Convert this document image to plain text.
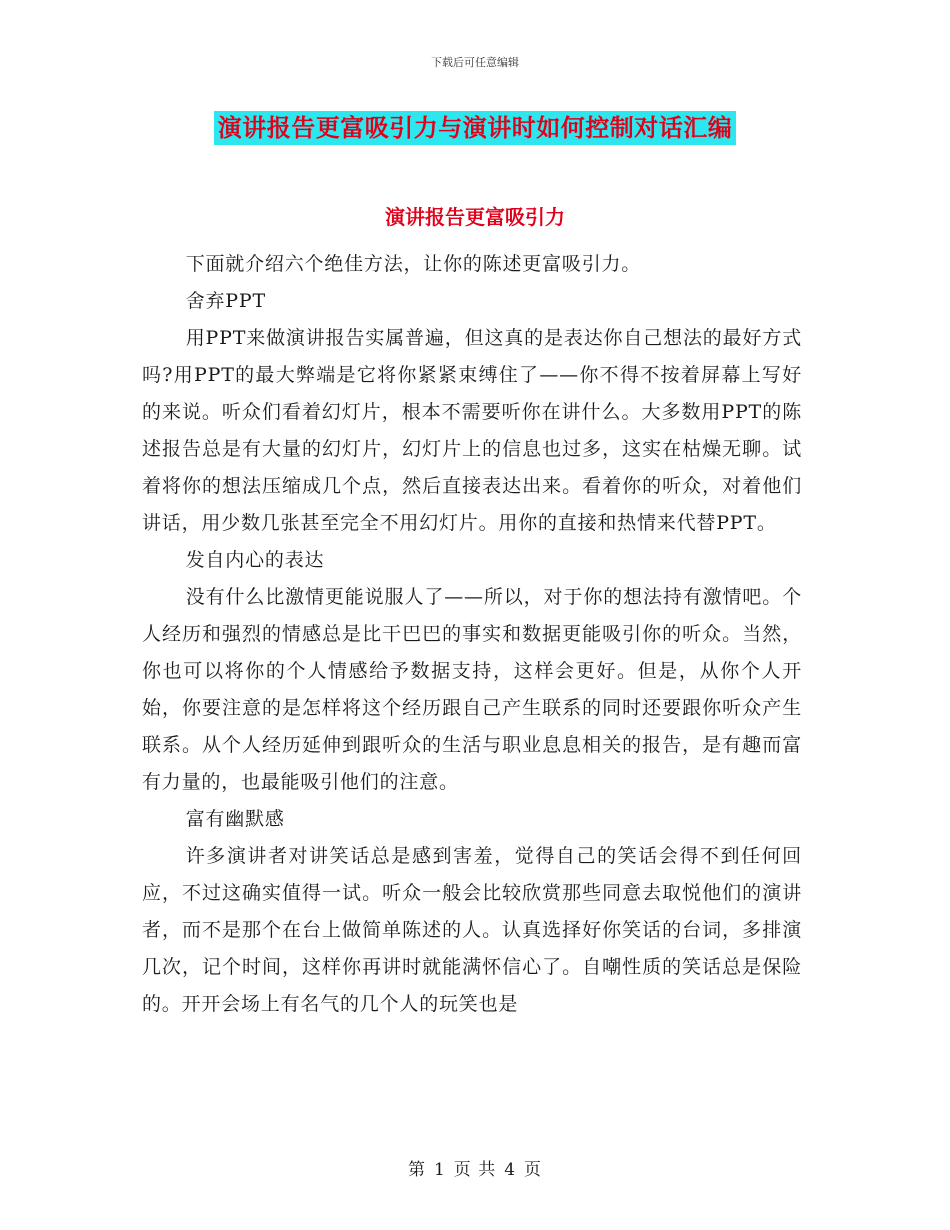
下载后可任意编辑
演讲报告更富吸引力与演讲时如何控制对话汇编
演讲报告更富吸引力

下面就介绍六个绝佳方法，让你的陈述更富吸引力。

舍弃PPT

用PPT来做演讲报告实属普遍，但这真的是表达你自己想法的最好方式吗?用PPT的最大弊端是它将你紧紧束缚住了——你不得不按着屏幕上写好的来说。听众们看着幻灯片，根本不需要听你在讲什么。大多数用PPT的陈述报告总是有大量的幻灯片，幻灯片上的信息也过多，这实在枯燥无聊。试着将你的想法压缩成几个点，然后直接表达出来。看着你的听众，对着他们讲话，用少数几张甚至完全不用幻灯片。用你的直接和热情来代替PPT。

发自内心的表达

没有什么比激情更能说服人了——所以，对于你的想法持有激情吧。个人经历和强烈的情感总是比干巴巴的事实和数据更能吸引你的听众。当然，你也可以将你的个人情感给予数据支持，这样会更好。但是，从你个人开始，你要注意的是怎样将这个经历跟自己产生联系的同时还要跟你听众产生联系。从个人经历延伸到跟听众的生活与职业息息相关的报告，是有趣而富有力量的，也最能吸引他们的注意。

富有幽默感

许多演讲者对讲笑话总是感到害羞，觉得自己的笑话会得不到任何回应，不过这确实值得一试。听众一般会比较欣赏那些同意去取悦他们的演讲者，而不是那个在台上做简单陈述的人。认真选择好你笑话的台词，多排演几次，记个时间，这样你再讲时就能满怀信心了。自嘲性质的笑话总是保险的。开开会场上有名气的几个人的玩笑也是

第 1 页 共 4 页
